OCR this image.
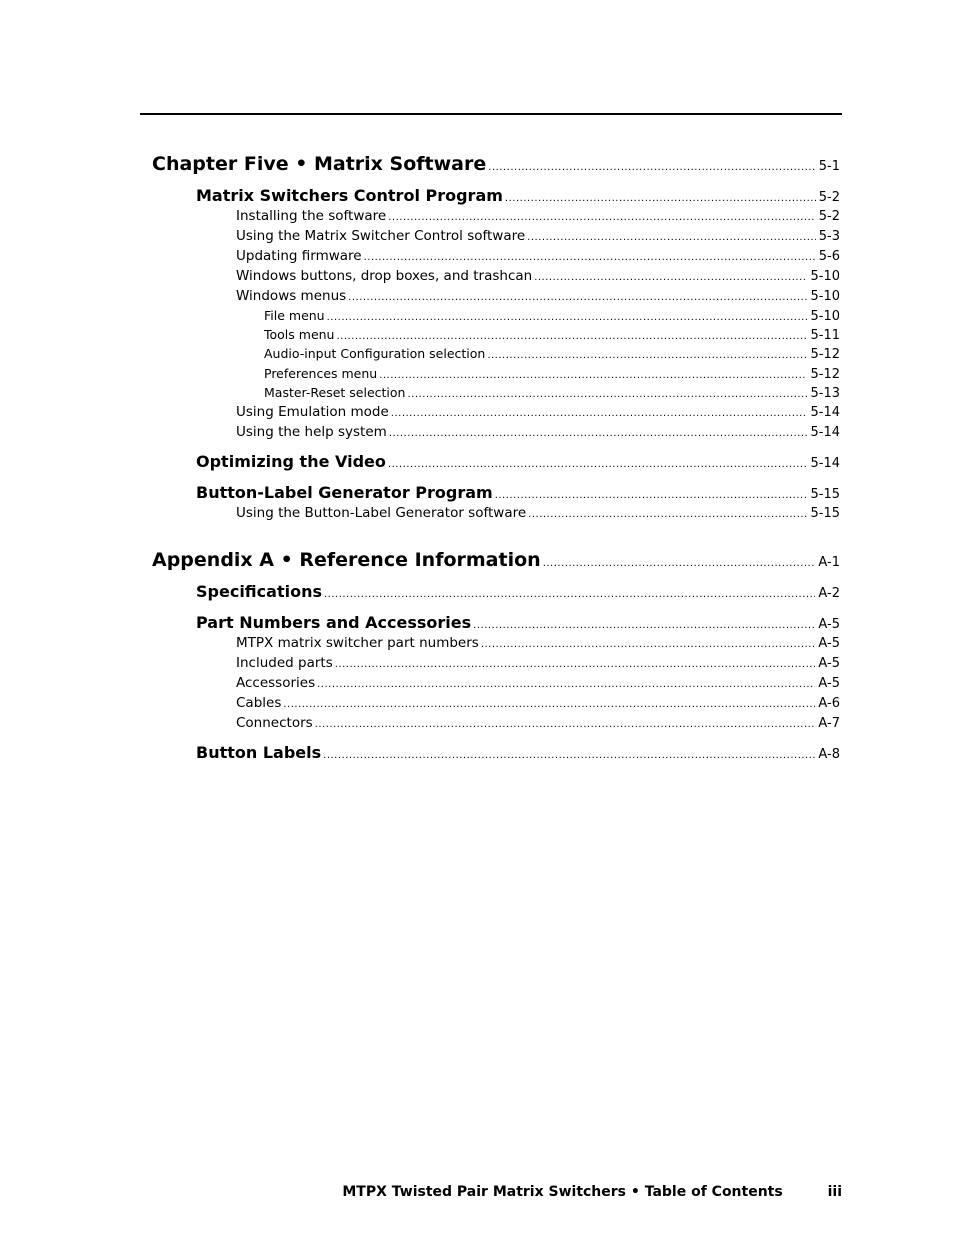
Chapter Five • Matrix Software .....	5-1
Matrix Switchers Control Program .....	5-2
Installing the software .....	5-2
Using the Matrix Switcher Control software .....	5-3
Updating firmware .....	5-6
Windows buttons, drop boxes, and trashcan .....	5-10
Windows menus .....	5-10
File menu .....	5-10
Tools menu .....	5-11
Audio-input Configuration selection .....	5-12
Preferences menu .....	5-12
Master-Reset selection .....	5-13
Using Emulation mode .....	5-14
Using the help system .....	5-14
Optimizing the Video .....	5-14
Button-Label Generator Program .....	5-15
Using the Button-Label Generator software .....	5-15
Appendix A • Reference Information .....	A-1
Specifications .....	A-2
Part Numbers and Accessories .....	A-5
MTPX matrix switcher part numbers .....	A-5
Included parts .....	A-5
Accessories .....	A-5
Cables .....	A-6
Connectors .....	A-7
Button Labels .....	A-8
MTPX Twisted Pair Matrix Switchers • Table of Contents	iii
